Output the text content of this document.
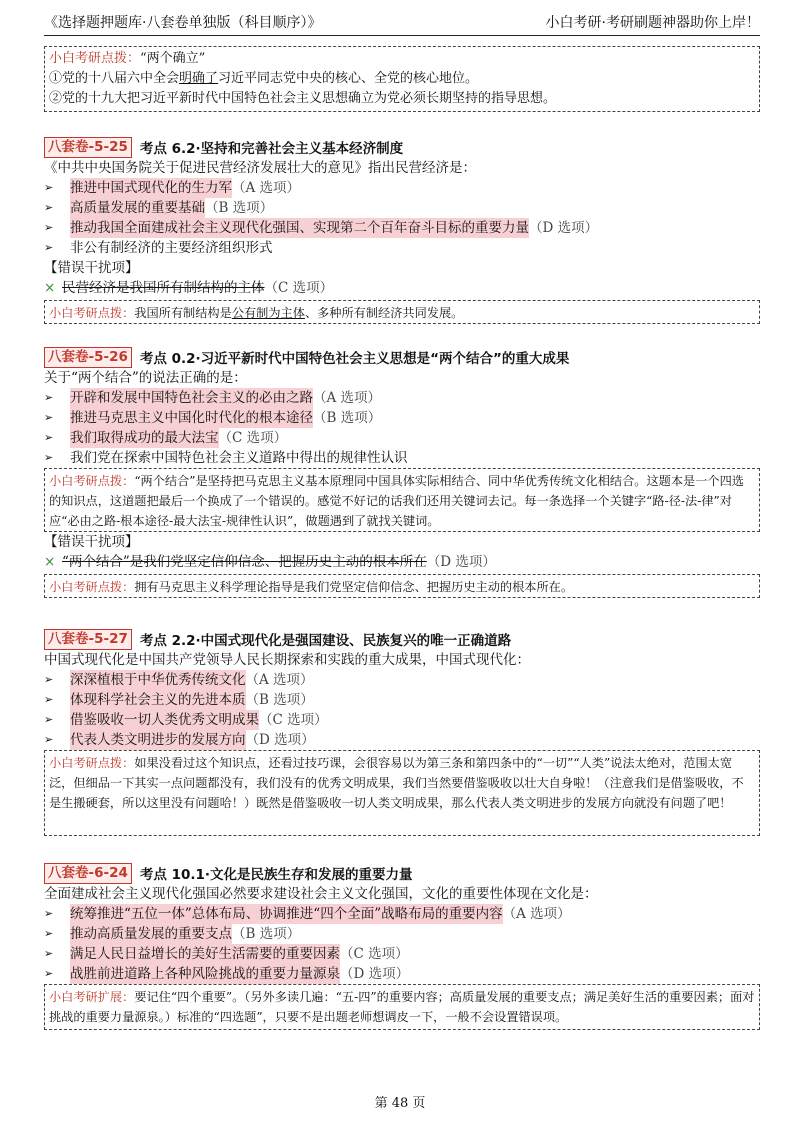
《选择题押题库·八套卷单独版（科目顺序）》	小白考研·考研刷题神器助你上岸！
小白考研点拨：“两个确立”
①党的十八届六中全会明确了习近平同志党中央的核心、全党的核心地位。
②党的十九大把习近平新时代中国特色社会主义思想确立为党必须长期坚持的指导思想。
八套卷-5-25 考点 6.2·坚持和完善社会主义基本经济制度
《中共中央国务院关于促进民营经济发展壮大的意见》指出民营经济是：
➢	推进中国式现代化的生力军 （A 选项）
➢	高质量发展的重要基础 （B 选项）
➢	推动我国全面建成社会主义现代化强国、实现第二个百年奋斗目标的重要力量 （D 选项）
➢	非公有制经济的主要经济组织形式
【错误干扰项】
× 民营经济是我国所有制结构的主体 （C 选项）
小白考研点拨：我国所有制结构是公有制为主体、多种所有制经济共同发展。
八套卷-5-26 考点 0.2·习近平新时代中国特色社会主义思想是“两个结合”的重大成果
关于“两个结合”的说法正确的是：
➢	开辟和发展中国特色社会主义的必由之路 （A 选项）
➢	推进马克思主义中国化时代化的根本途径 （B 选项）
➢	我们取得成功的最大法宝 （C 选项）
➢	我们党在探索中国特色社会主义道路中得出的规律性认识
小白考研点拨：“两个结合”是坚持把马克思主义基本原理同中国具体实际相结合、同中华优秀传统文化相结合。这题本是一个四选的知识点，这道题把最后一个换成了一个错误的。感觉不好记的话我们还用关键词去记。每一条选择一个关键字“路-径-法-律”对应“必由之路-根本途径-最大法宝-规律性认识”，做题遇到了就找关键词。
【错误干扰项】
× “两个结合”是我们党坚定信仰信念、把握历史主动的根本所在 （D 选项）
小白考研点拨：拥有马克思主义科学理论指导是我们党坚定信仰信念、把握历史主动的根本所在。
八套卷-5-27 考点 2.2·中国式现代化是强国建设、民族复兴的唯一正确道路
中国式现代化是中国共产党领导人民长期探索和实践的重大成果，中国式现代化：
➢	深深植根于中华优秀传统文化 （A 选项）
➢	体现科学社会主义的先进本质 （B 选项）
➢	借鉴吸收一切人类优秀文明成果 （C 选项）
➢	代表人类文明进步的发展方向 （D 选项）
小白考研点拨：如果没看过这个知识点，还看过技巧课，会很容易以为第三条和第四条中的“一切”“人类”说法太绝对，范围太宽泛，但细品一下其实一点问题都没有，我们没有的优秀文明成果，我们当然要借鉴吸收以壮大自身啦！（注意我们是借鉴吸收，不是生搬硬套，所以这里没有问题哈！）既然是借鉴吸收一切人类文明成果，那么代表人类文明进步的发展方向就没有问题了吧！
八套卷-6-24 考点 10.1·文化是民族生存和发展的重要力量
全面建成社会主义现代化强国必然要求建设社会主义文化强国，文化的重要性体现在文化是：
➢	统筹推进“五位一体”总体布局、协调推进“四个全面”战略布局的重要内容 （A 选项）
➢	推动高质量发展的重要支点 （B 选项）
➢	满足人民日益增长的美好生活需要的重要因素 （C 选项）
➢	战胜前进道路上各种风险挑战的重要力量源泉 （D 选项）
小白考研扩展：要记住“四个重要”。（另外多读几遍：“五-四”的重要内容；高质量发展的重要支点；满足美好生活的重要因素；面对挑战的重要力量源泉。）标准的“四选题”，只要不是出题老师想调皮一下，一般不会设置错误项。
第 48 页
